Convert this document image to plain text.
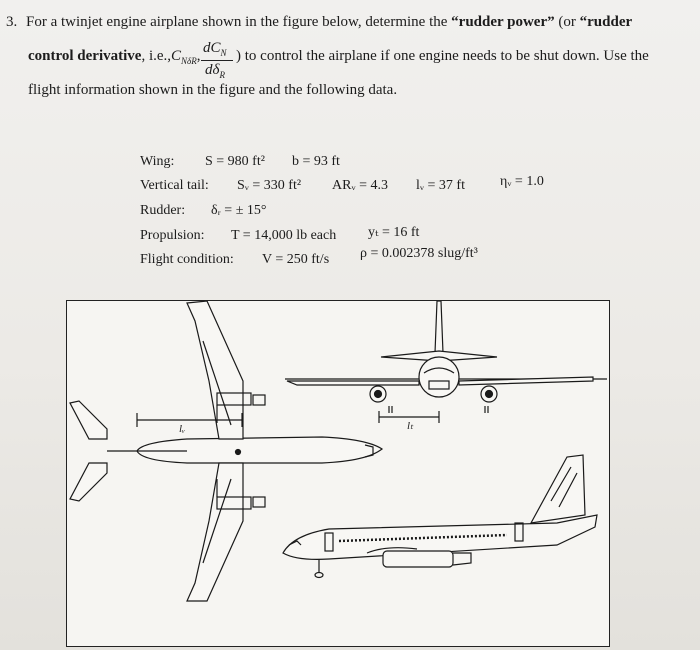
3. For a twinjet engine airplane shown in the figure below, determine the “rudder power” (or “rudder
control derivative, $i.e.,C_{N\delta R}$, $dC_N$
$d\delta_R$
) to control the airplane if one engine needs to be shut down. Use the
flight information shown in the figure and the following data.
Wing: S = 980 ft² b = 93 ft
Vertical tail: Sᵥ = 330 ft² ARᵥ = 4.3 lᵥ = 37 ft	ηᵥ = 1.0
Rudder: δᵣ = ± 15°
Propulsion: T = 14,000 lb each yₜ = 16 ft
Flight condition: V = 250 ft/s ρ = 0.002378 slug/ft³
lᵥ	lₜ
